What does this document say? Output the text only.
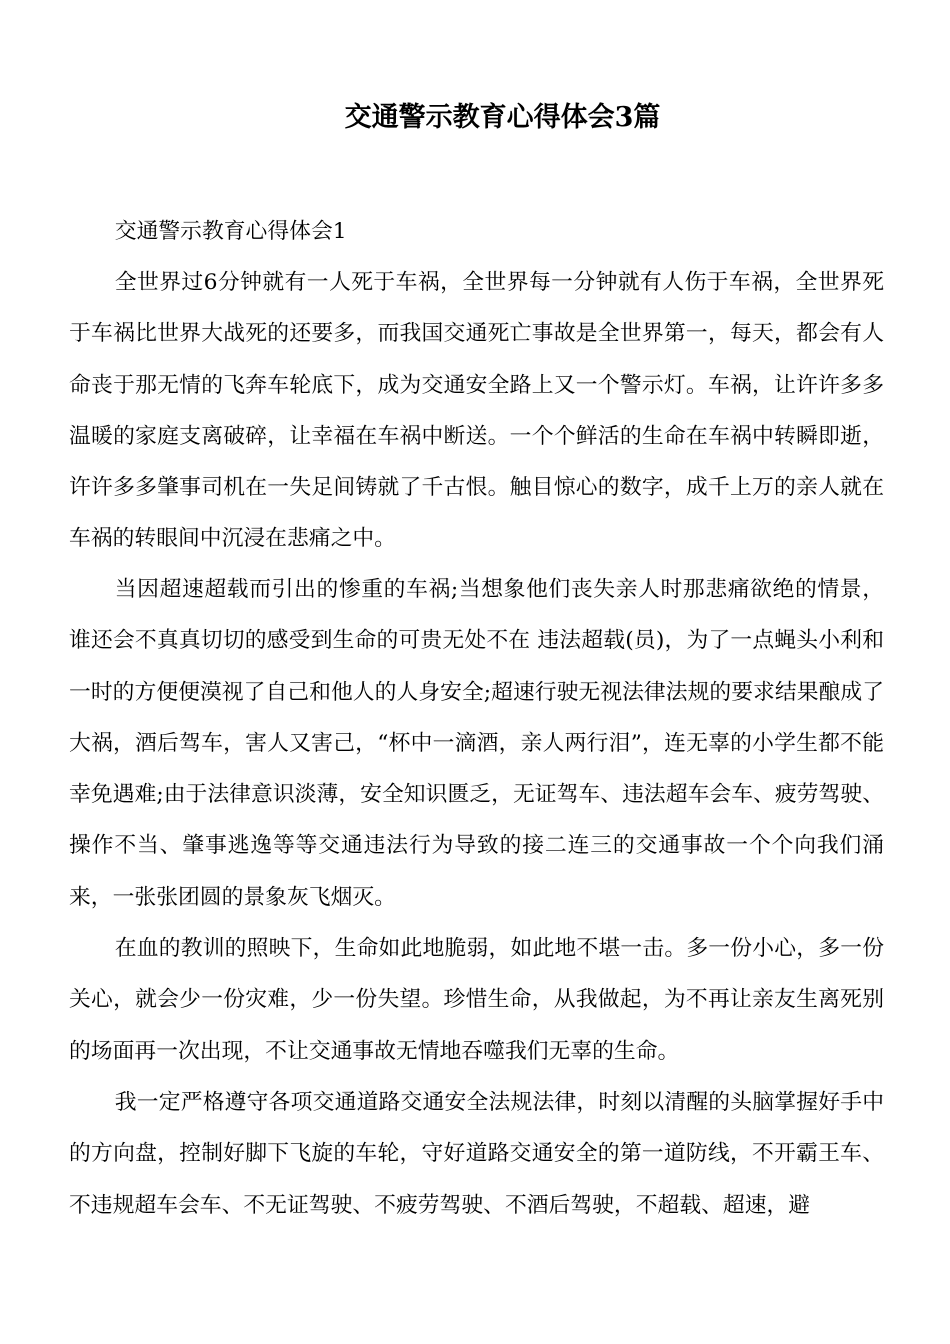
交通警示教育心得体会3篇

交通警示教育心得体会1

全世界过6分钟就有一人死于车祸，全世界每一分钟就有人伤于车祸，全世界死于车祸比世界大战死的还要多，而我国交通死亡事故是全世界第一，每天，都会有人命丧于那无情的飞奔车轮底下，成为交通安全路上又一个警示灯。车祸，让许许多多温暖的家庭支离破碎，让幸福在车祸中断送。一个个鲜活的生命在车祸中转瞬即逝，许许多多肇事司机在一失足间铸就了千古恨。触目惊心的数字，成千上万的亲人就在车祸的转眼间中沉浸在悲痛之中。

当因超速超载而引出的惨重的车祸;当想象他们丧失亲人时那悲痛欲绝的情景，谁还会不真真切切的感受到生命的可贵无处不在 违法超载(员)，为了一点蝇头小利和一时的方便便漠视了自己和他人的人身安全;超速行驶无视法律法规的要求结果酿成了大祸，酒后驾车，害人又害己，“杯中一滴酒，亲人两行泪”，连无辜的小学生都不能幸免遇难;由于法律意识淡薄，安全知识匮乏，无证驾车、违法超车会车、疲劳驾驶、操作不当、肇事逃逸等等交通违法行为导致的接二连三的交通事故一个个向我们涌来，一张张团圆的景象灰飞烟灭。

在血的教训的照映下，生命如此地脆弱，如此地不堪一击。多一份小心，多一份关心，就会少一份灾难，少一份失望。珍惜生命，从我做起，为不再让亲友生离死别的场面再一次出现，不让交通事故无情地吞噬我们无辜的生命。

我一定严格遵守各项交通道路交通安全法规法律，时刻以清醒的头脑掌握好手中的方向盘，控制好脚下飞旋的车轮，守好道路交通安全的第一道防线，不开霸王车、不违规超车会车、不无证驾驶、不疲劳驾驶、不酒后驾驶，不超载、超速，避
